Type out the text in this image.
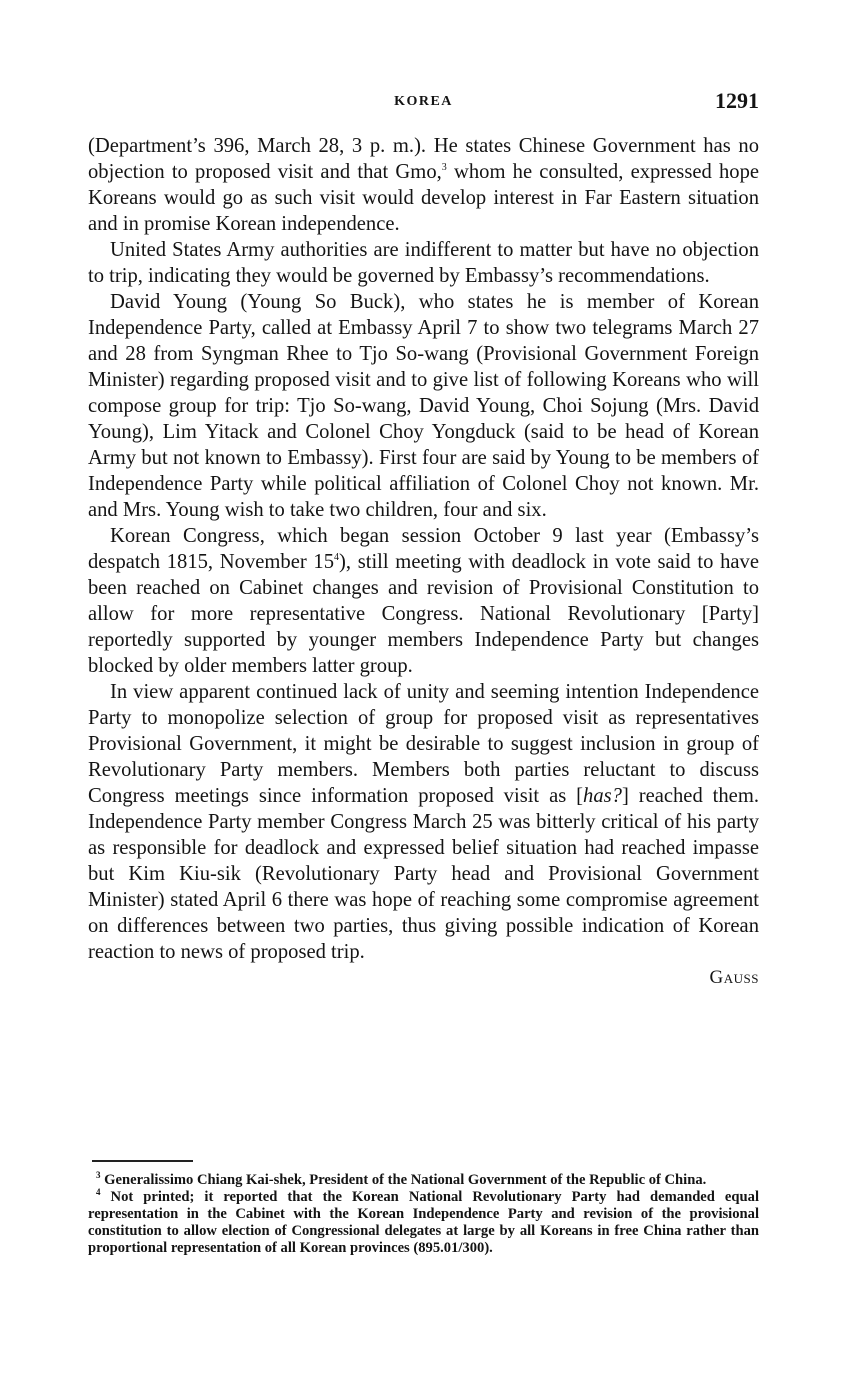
KOREA	1291

(Department’s 396, March 28, 3 p. m.). He states Chinese Government has no objection to proposed visit and that Gmo,$^3$ whom he consulted, expressed hope Koreans would go as such visit would develop interest in Far Eastern situation and in promise Korean independence.

United States Army authorities are indifferent to matter but have no objection to trip, indicating they would be governed by Embassy’s recommendations.

David Young (Young So Buck), who states he is member of Korean Independence Party, called at Embassy April 7 to show two telegrams March 27 and 28 from Syngman Rhee to Tjo So-wang (Provisional Government Foreign Minister) regarding proposed visit and to give list of following Koreans who will compose group for trip: Tjo So-wang, David Young, Choi Sojung (Mrs. David Young), Lim Yitack and Colonel Choy Yongduck (said to be head of Korean Army but not known to Embassy). First four are said by Young to be members of Independence Party while political affiliation of Colonel Choy not known. Mr. and Mrs. Young wish to take two children, four and six.

Korean Congress, which began session October 9 last year (Embassy’s despatch 1815, November $15^4$), still meeting with deadlock in vote said to have been reached on Cabinet changes and revision of Provisional Constitution to allow for more representative Congress. National Revolutionary [Party] reportedly supported by younger members Independence Party but changes blocked by older members latter group.

In view apparent continued lack of unity and seeming intention Independence Party to monopolize selection of group for proposed visit as representatives Provisional Government, it might be desirable to suggest inclusion in group of Revolutionary Party members. Members both parties reluctant to discuss Congress meetings since information proposed visit as [has?] reached them. Independence Party member Congress March 25 was bitterly critical of his party as responsible for deadlock and expressed belief situation had reached impasse but Kim Kiu-sik (Revolutionary Party head and Provisional Government Minister) stated April 6 there was hope of reaching some compromise agreement on differences between two parties, thus giving possible indication of Korean reaction to news of proposed trip.

Gauss

$^3$ Generalissimo Chiang Kai-shek, President of the National Government of the Republic of China.

$^4$ Not printed; it reported that the Korean National Revolutionary Party had demanded equal representation in the Cabinet with the Korean Independence Party and revision of the provisional constitution to allow election of Congressional delegates at large by all Koreans in free China rather than proportional representation of all Korean provinces (895.01/300).
